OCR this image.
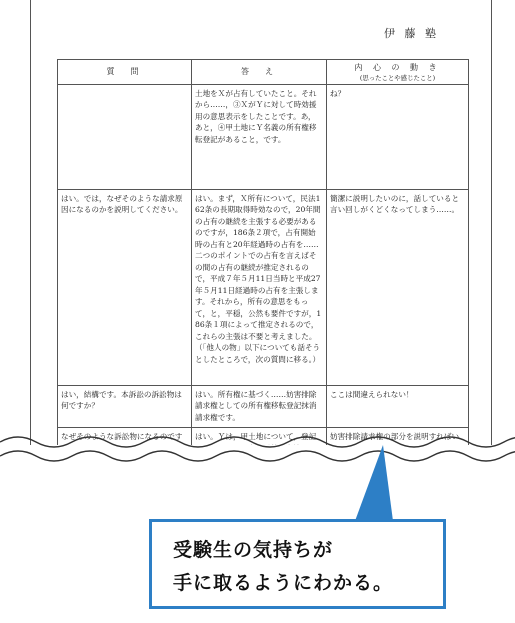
伊 藤 塾
質　問	答　え	内 心 の 動 き
(思ったことや感じたこと)

	土地をＸが占有していたこと。それから……，③ＸがＹに対して時効援用の意思表示をしたことです。あ，あと，④甲土地にＹ名義の所有権移転登記があること，です。	ね？
はい。では，なぜそのような請求原因になるのかを説明してください。	はい。まず，Ｘ所有について，民法162条の長期取得時効なので，20年間の占有の継続を主張する必要があるのですが，186条２項で，占有開始時の占有と20年経過時の占有を……二つのポイントでの占有を言えばその間の占有の継続が推定されるので，平成７年５月11日当時と平成27年５月11日経過時の占有を主張します。それから，所有の意思をもって，と，平穏，公然も要件ですが，186条１項によって推定されるので，これらの主張は不要と考えました。（「他人の物」以下についても話そうとしたところで，次の質問に移る。）	簡潔に説明したいのに，話していると言い回しがくどくなってしまう……。
はい，結構です。本訴訟の訴訟物は何ですか？	はい。所有権に基づく……妨害排除請求権としての所有権移転登記抹消請求権です。	ここは間違えられない！
なぜそのような訴訟物になるのです	はい。Ｙは，甲土地について，登記	妨害排除請求権の部分を説明すればい
受験生の気持ちが
手に取るようにわかる。
